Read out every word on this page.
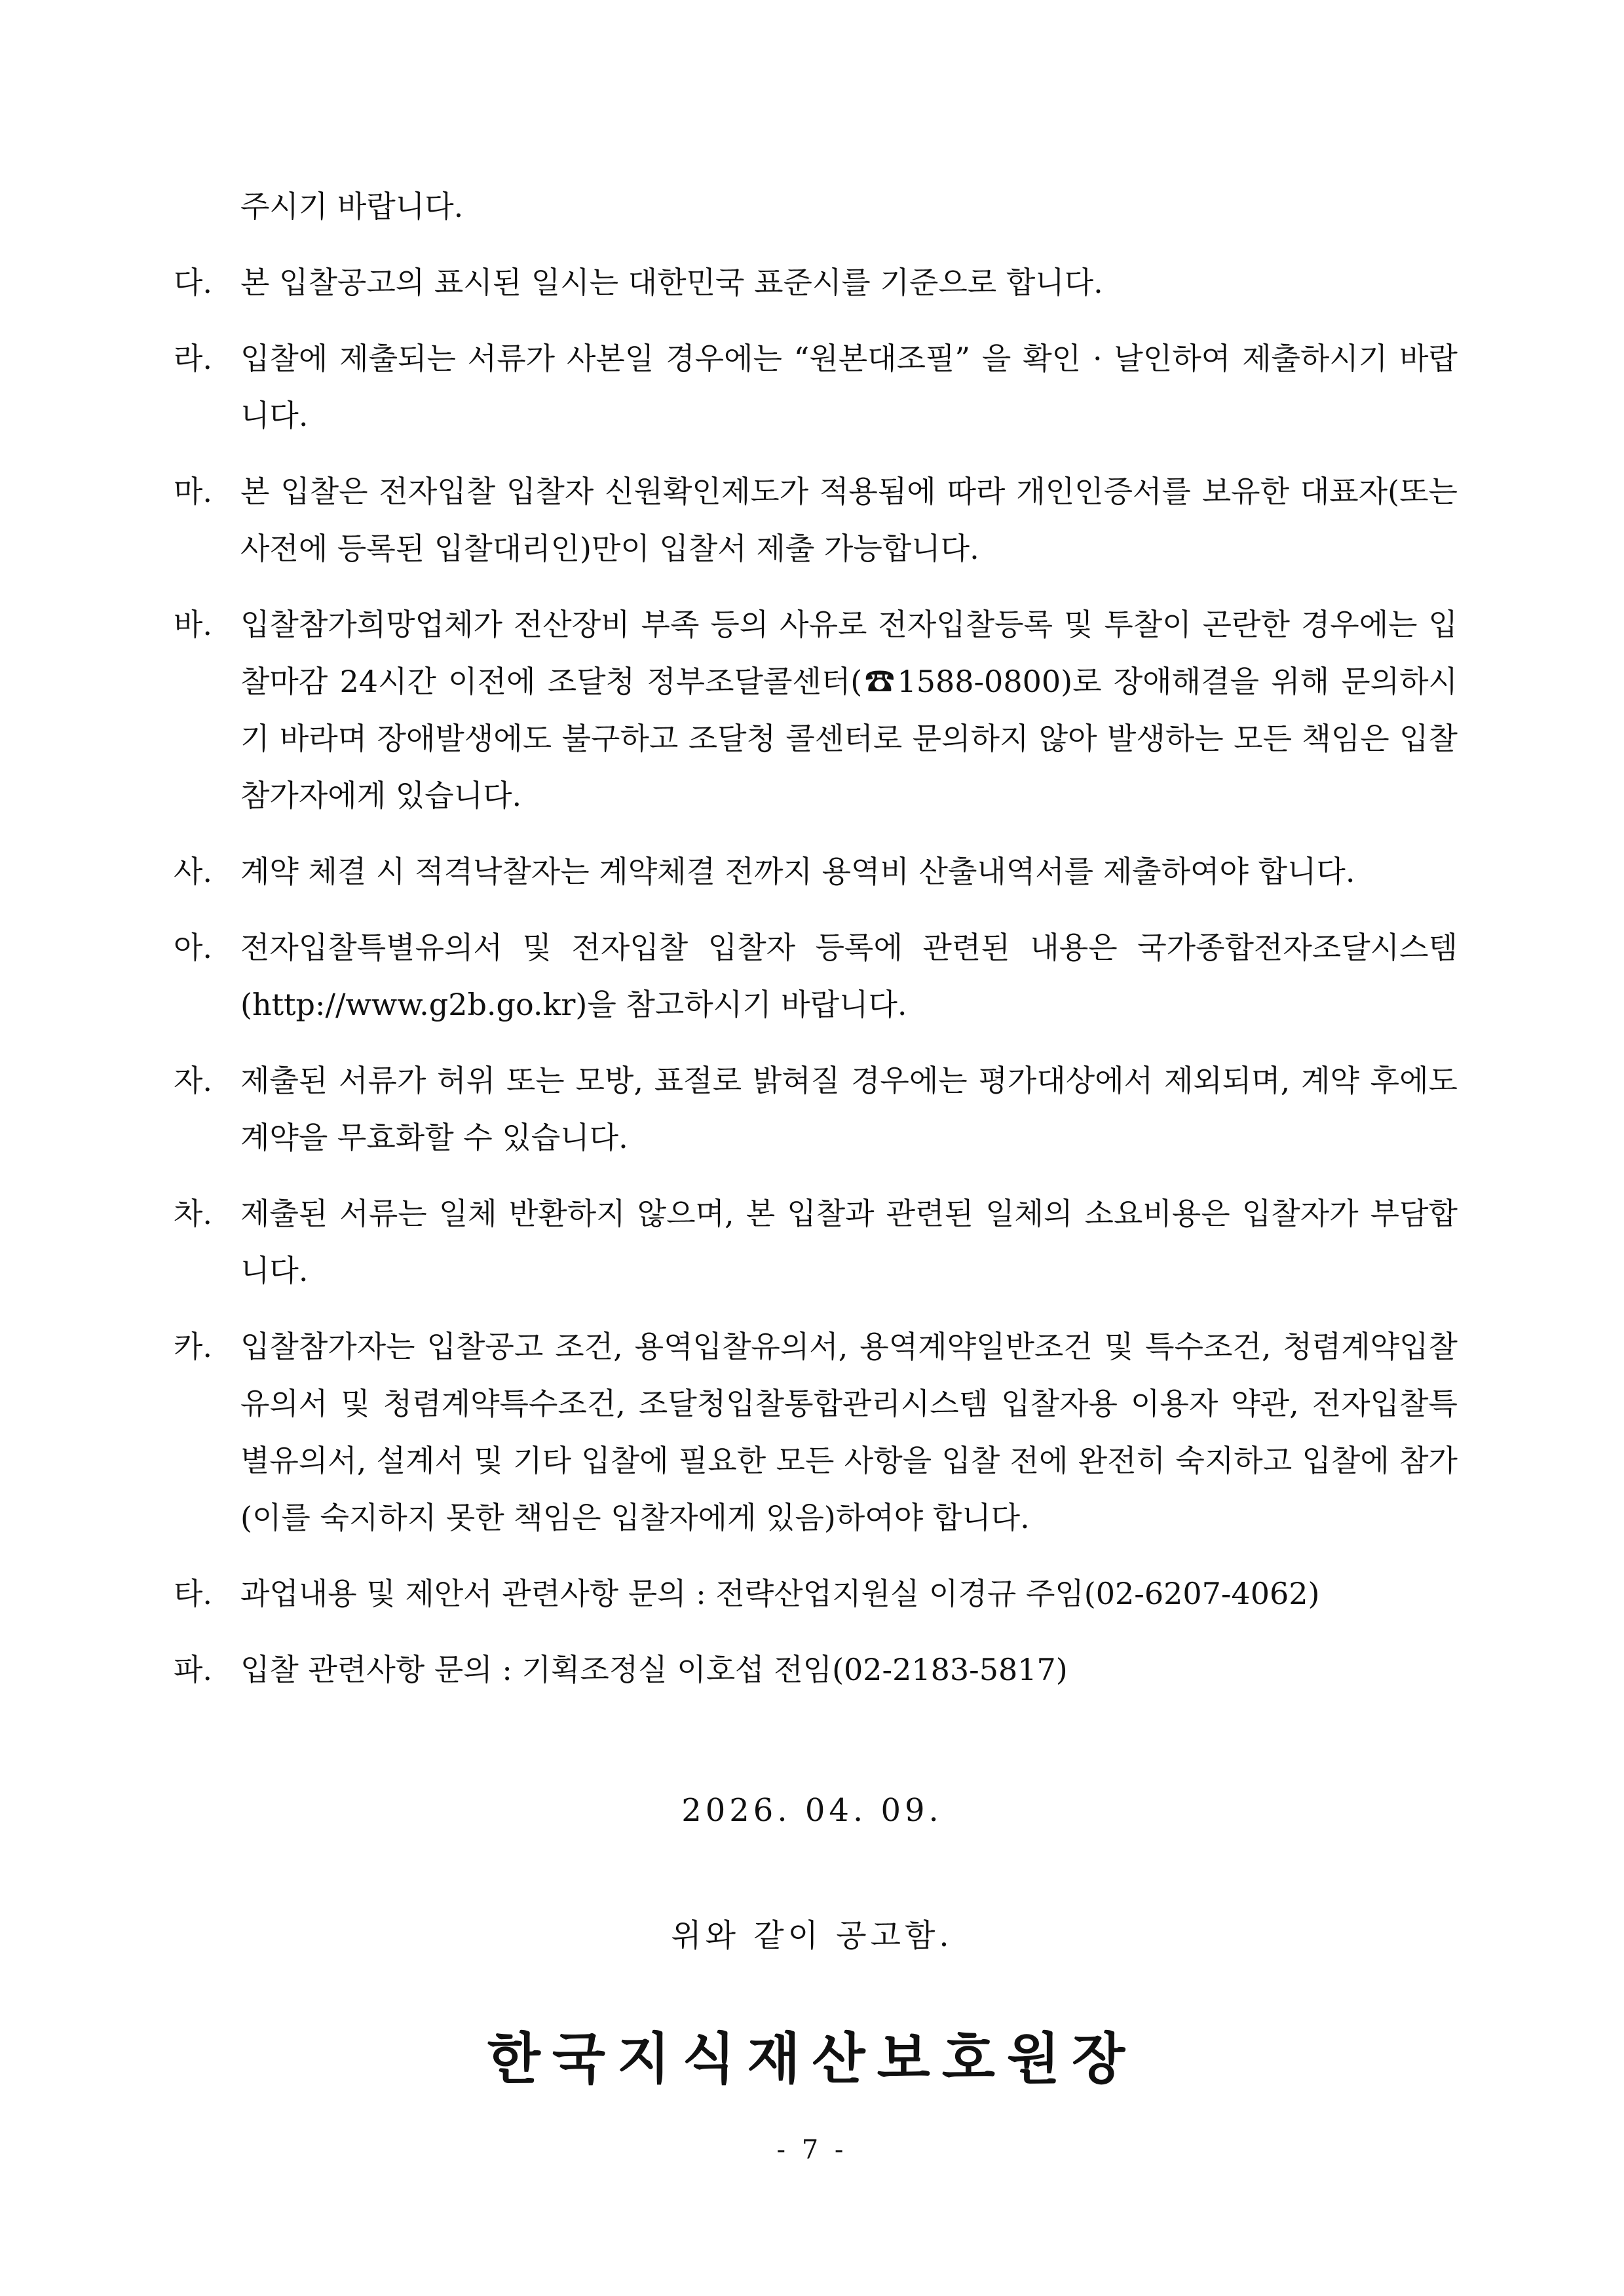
주시기 바랍니다.
다. 본 입찰공고의 표시된 일시는 대한민국 표준시를 기준으로 합니다.
라. 입찰에 제출되는 서류가 사본일 경우에는 “원본대조필” 을 확인 · 날인하여 제출하시기 바랍니다.
마. 본 입찰은 전자입찰 입찰자 신원확인제도가 적용됨에 따라 개인인증서를 보유한 대표자(또는 사전에 등록된 입찰대리인)만이 입찰서 제출 가능합니다.
바. 입찰참가희망업체가 전산장비 부족 등의 사유로 전자입찰등록 및 투찰이 곤란한 경우에는 입찰마감 24시간 이전에 조달청 정부조달콜센터(☎1588-0800)로 장애해결을 위해 문의하시기 바라며 장애발생에도 불구하고 조달청 콜센터로 문의하지 않아 발생하는 모든 책임은 입찰참가자에게 있습니다.
사. 계약 체결 시 적격낙찰자는 계약체결 전까지 용역비 산출내역서를 제출하여야 합니다.
아. 전자입찰특별유의서 및 전자입찰 입찰자 등록에 관련된 내용은 국가종합전자조달시스템(http://www.g2b.go.kr)을 참고하시기 바랍니다.
자. 제출된 서류가 허위 또는 모방, 표절로 밝혀질 경우에는 평가대상에서 제외되며, 계약 후에도 계약을 무효화할 수 있습니다.
차. 제출된 서류는 일체 반환하지 않으며, 본 입찰과 관련된 일체의 소요비용은 입찰자가 부담합니다.
카. 입찰참가자는 입찰공고 조건, 용역입찰유의서, 용역계약일반조건 및 특수조건, 청렴계약입찰유의서 및 청렴계약특수조건, 조달청입찰통합관리시스템 입찰자용 이용자 약관, 전자입찰특별유의서, 설계서 및 기타 입찰에 필요한 모든 사항을 입찰 전에 완전히 숙지하고 입찰에 참가(이를 숙지하지 못한 책임은 입찰자에게 있음)하여야 합니다.
타. 과업내용 및 제안서 관련사항 문의 : 전략산업지원실 이경규 주임(02-6207-4062)
파. 입찰 관련사항 문의 : 기획조정실 이호섭 전임(02-2183-5817)
2026. 04. 09.
위와 같이 공고함.
한국지식재산보호원장
- 7 -
